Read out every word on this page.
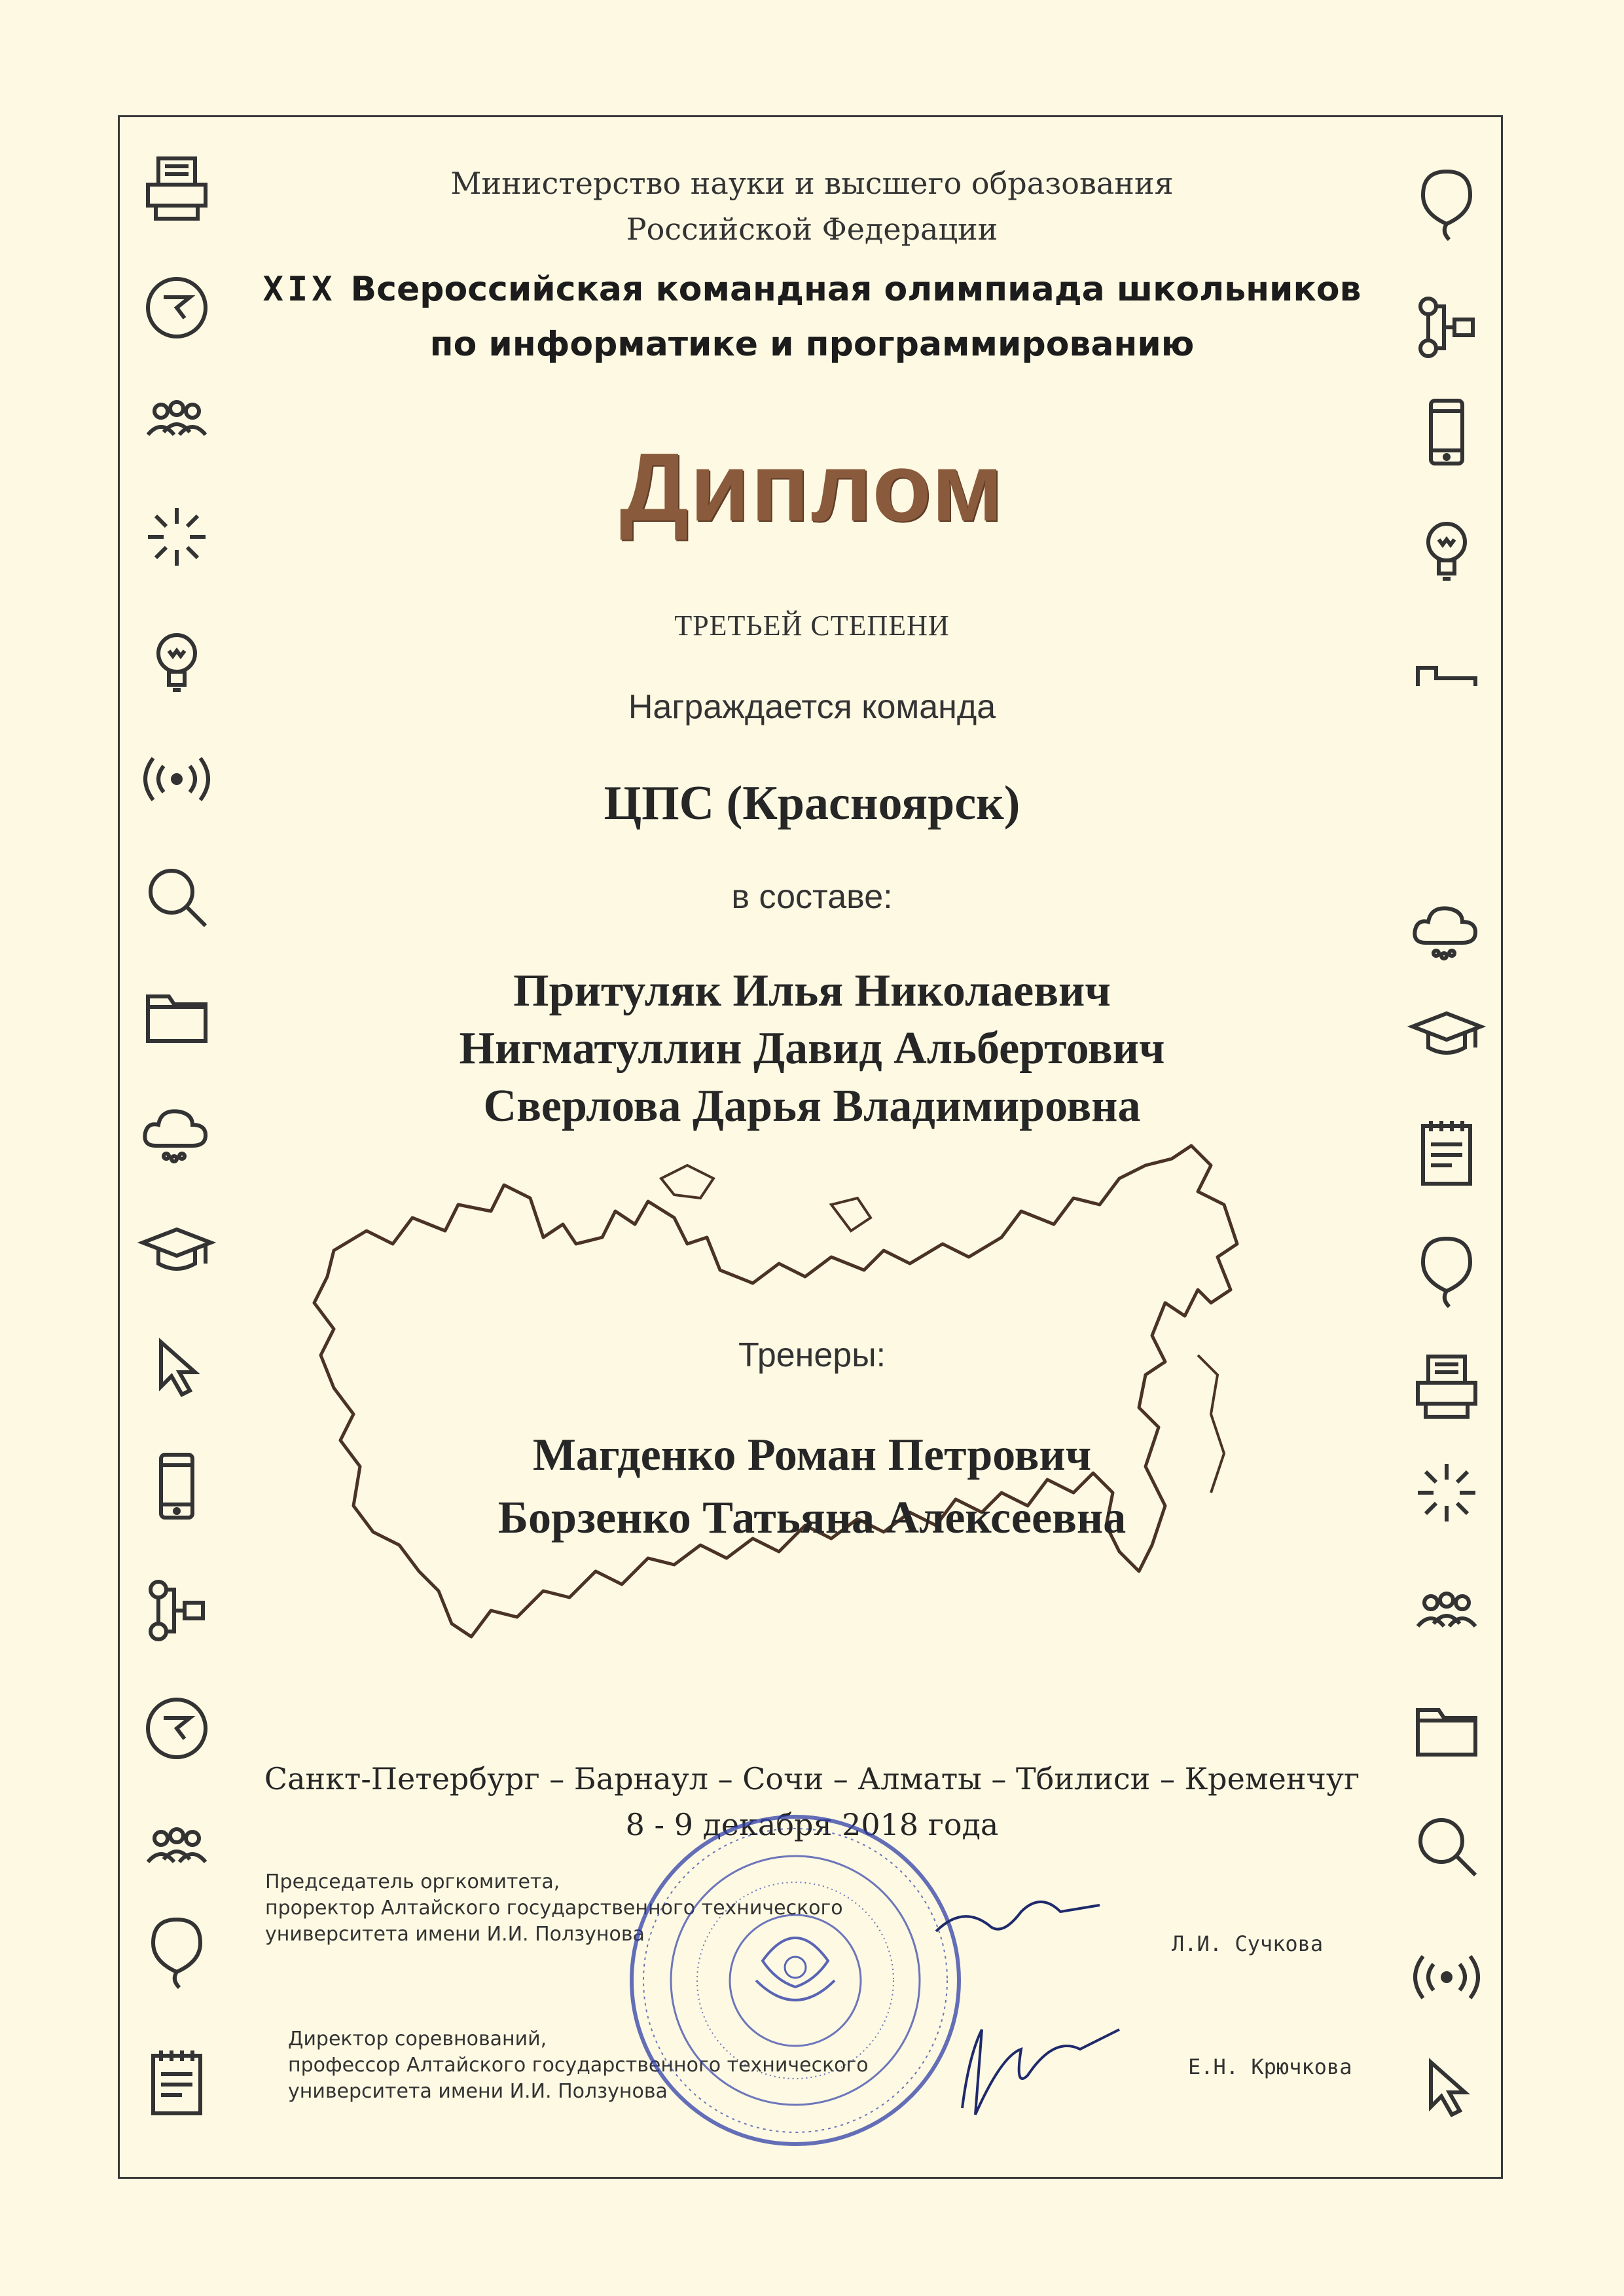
Министерство науки и высшего образования
Российской Федерации
XIX Всероссийская командная олимпиада школьников
по информатике и программированию
Диплом
ТРЕТЬЕЙ СТЕПЕНИ
Награждается команда
ЦПС (Красноярск)
в составе:
Притуляк Илья Николаевич
Нигматуллин Давид Альбертович
Сверлова Дарья Владимировна
Тренеры:
Магденко Роман Петрович
Борзенко Татьяна Алексеевна
Санкт-Петербург – Барнаул – Сочи – Алматы – Тбилиси – Кременчуг
8 - 9 декабря 2018 года
Председатель оргкомитета,
проректор Алтайского государственного технического
университета имени И.И. Ползунова	Л.И. Сучкова
Директор соревнований,
профессор Алтайского государственного технического
университета имени И.И. Ползунова
Е.Н. Крючкова
